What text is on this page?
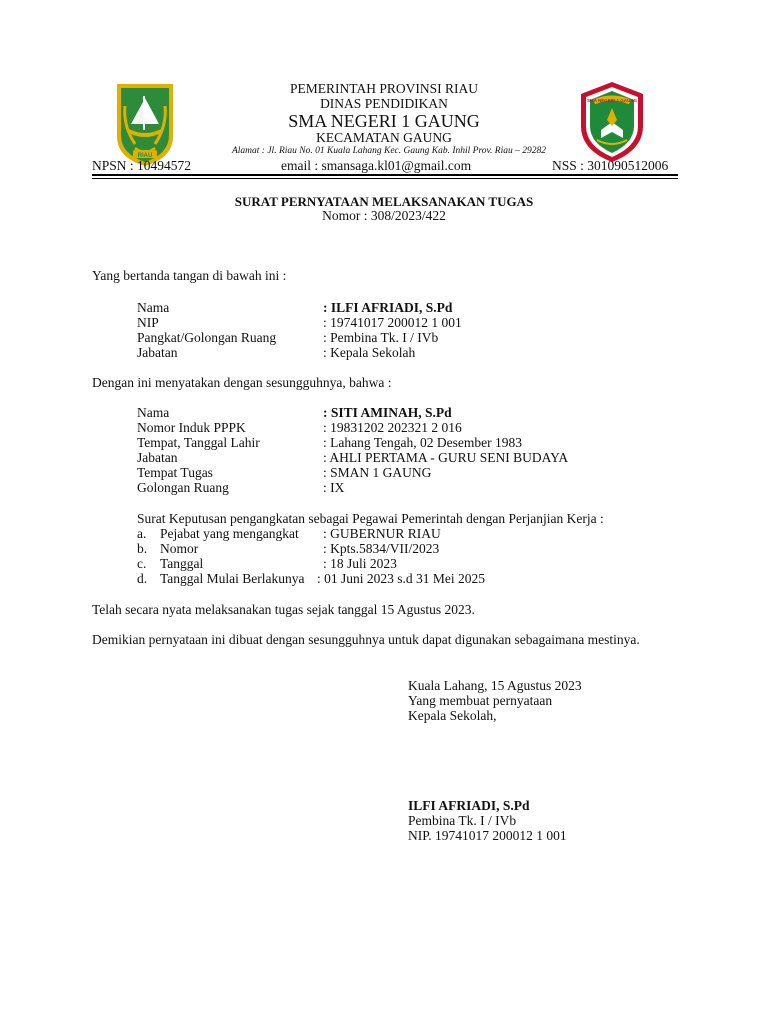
RIAU
SMA NEGERI 1 GAUNG
PEMERINTAH PROVINSI RIAU
DINAS PENDIDIKAN
SMA NEGERI 1 GAUNG
KECAMATAN GAUNG
Alamat : Jl. Riau No. 01 Kuala Lahang Kec. Gaung Kab. Inhil Prov. Riau – 29282
NPSN : 10494572	email : smansaga.kl01@gmail.com	NSS : 301090512006
SURAT PERNYATAAN MELAKSANAKAN TUGAS
Nomor : 308/2023/422
Yang bertanda tangan di bawah ini :
Nama	: ILFI AFRIADI, S.Pd
NIP	: 19741017 200012 1 001
Pangkat/Golongan Ruang	: Pembina Tk. I / IVb
Jabatan	: Kepala Sekolah
Dengan ini menyatakan dengan sesungguhnya, bahwa :
Nama	: SITI AMINAH, S.Pd
Nomor Induk PPPK	: 19831202 202321 2 016
Tempat, Tanggal Lahir	: Lahang Tengah, 02 Desember 1983
Jabatan	: AHLI PERTAMA - GURU SENI BUDAYA
Tempat Tugas	: SMAN 1 GAUNG
Golongan Ruang	: IX
Surat Keputusan pengangkatan sebagai Pegawai Pemerintah dengan Perjanjian Kerja :
a. Pejabat yang mengangkat : GUBERNUR RIAU
b. Nomor	: Kpts.5834/VII/2023
c. Tanggal	: 18 Juli 2023
d. Tanggal Mulai Berlakunya : 01 Juni 2023 s.d 31 Mei 2025
Telah secara nyata melaksanakan tugas sejak tanggal 15 Agustus 2023.
Demikian pernyataan ini dibuat dengan sesungguhnya untuk dapat digunakan sebagaimana mestinya.
Kuala Lahang, 15 Agustus 2023
Yang membuat pernyataan
Kepala Sekolah,
ILFI AFRIADI, S.Pd
Pembina Tk. I / IVb
NIP. 19741017 200012 1 001
